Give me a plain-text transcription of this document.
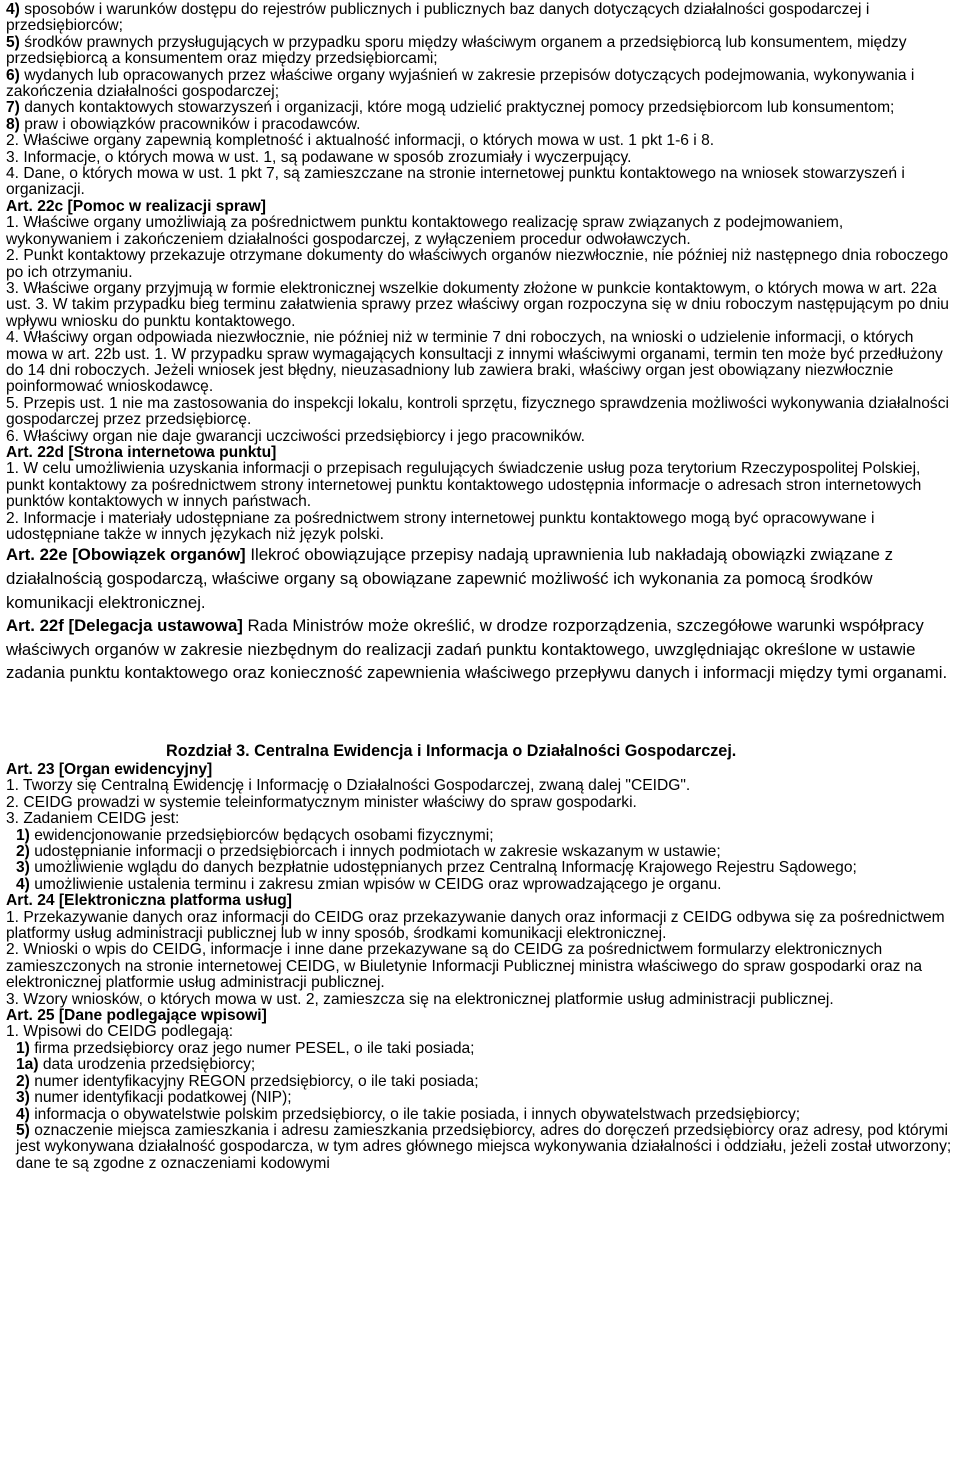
4) sposobów i warunków dostępu do rejestrów publicznych i publicznych baz danych dotyczących działalności gospodarczej i przedsiębiorców;

5) środków prawnych przysługujących w przypadku sporu między właściwym organem a przedsiębiorcą lub konsumentem, między przedsiębiorcą a konsumentem oraz między przedsiębiorcami;

6) wydanych lub opracowanych przez właściwe organy wyjaśnień w zakresie przepisów dotyczących podejmowania, wykonywania i zakończenia działalności gospodarczej;

7) danych kontaktowych stowarzyszeń i organizacji, które mogą udzielić praktycznej pomocy przedsiębiorcom lub konsumentom;

8) praw i obowiązków pracowników i pracodawców.

2. Właściwe organy zapewnią kompletność i aktualność informacji, o których mowa w ust. 1 pkt 1-6 i 8.

3. Informacje, o których mowa w ust. 1, są podawane w sposób zrozumiały i wyczerpujący.

4. Dane, o których mowa w ust. 1 pkt 7, są zamieszczane na stronie internetowej punktu kontaktowego na wniosek stowarzyszeń i organizacji.

Art. 22c [Pomoc w realizacji spraw]

1. Właściwe organy umożliwiają za pośrednictwem punktu kontaktowego realizację spraw związanych z podejmowaniem, wykonywaniem i zakończeniem działalności gospodarczej, z wyłączeniem procedur odwoławczych.

2. Punkt kontaktowy przekazuje otrzymane dokumenty do właściwych organów niezwłocznie, nie później niż następnego dnia roboczego po ich otrzymaniu.

3. Właściwe organy przyjmują w formie elektronicznej wszelkie dokumenty złożone w punkcie kontaktowym, o których mowa w art. 22a ust. 3. W takim przypadku bieg terminu załatwienia sprawy przez właściwy organ rozpoczyna się w dniu roboczym następującym po dniu wpływu wniosku do punktu kontaktowego.

4. Właściwy organ odpowiada niezwłocznie, nie później niż w terminie 7 dni roboczych, na wnioski o udzielenie informacji, o których mowa w art. 22b ust. 1. W przypadku spraw wymagających konsultacji z innymi właściwymi organami, termin ten może być przedłużony do 14 dni roboczych. Jeżeli wniosek jest błędny, nieuzasadniony lub zawiera braki, właściwy organ jest obowiązany niezwłocznie poinformować wnioskodawcę.

5. Przepis ust. 1 nie ma zastosowania do inspekcji lokalu, kontroli sprzętu, fizycznego sprawdzenia możliwości wykonywania działalności gospodarczej przez przedsiębiorcę.

6. Właściwy organ nie daje gwarancji uczciwości przedsiębiorcy i jego pracowników.

Art. 22d [Strona internetowa punktu]

1. W celu umożliwienia uzyskania informacji o przepisach regulujących świadczenie usług poza terytorium Rzeczypospolitej Polskiej, punkt kontaktowy za pośrednictwem strony internetowej punktu kontaktowego udostępnia informacje o adresach stron internetowych punktów kontaktowych w innych państwach.

2. Informacje i materiały udostępniane za pośrednictwem strony internetowej punktu kontaktowego mogą być opracowywane i udostępniane także w innych językach niż język polski.

Art. 22e [Obowiązek organów] Ilekroć obowiązujące przepisy nadają uprawnienia lub nakładają obowiązki związane z działalnością gospodarczą, właściwe organy są obowiązane zapewnić możliwość ich wykonania za pomocą środków komunikacji elektronicznej.

Art. 22f [Delegacja ustawowa] Rada Ministrów może określić, w drodze rozporządzenia, szczegółowe warunki współpracy właściwych organów w zakresie niezbędnym do realizacji zadań punktu kontaktowego, uwzględniając określone w ustawie zadania punktu kontaktowego oraz konieczność zapewnienia właściwego przepływu danych i informacji między tymi organami.

Rozdział 3. Centralna Ewidencja i Informacja o Działalności Gospodarczej.

Art. 23 [Organ ewidencyjny]

1. Tworzy się Centralną Ewidencję i Informację o Działalności Gospodarczej, zwaną dalej "CEIDG".

2. CEIDG prowadzi w systemie teleinformatycznym minister właściwy do spraw gospodarki.

3. Zadaniem CEIDG jest:

1) ewidencjonowanie przedsiębiorców będących osobami fizycznymi;

2) udostępnianie informacji o przedsiębiorcach i innych podmiotach w zakresie wskazanym w ustawie;

3) umożliwienie wglądu do danych bezpłatnie udostępnianych przez Centralną Informację Krajowego Rejestru Sądowego;

4) umożliwienie ustalenia terminu i zakresu zmian wpisów w CEIDG oraz wprowadzającego je organu.

Art. 24 [Elektroniczna platforma usług]

1. Przekazywanie danych oraz informacji do CEIDG oraz przekazywanie danych oraz informacji z CEIDG odbywa się za pośrednictwem platformy usług administracji publicznej lub w inny sposób, środkami komunikacji elektronicznej.

2. Wnioski o wpis do CEIDG, informacje i inne dane przekazywane są do CEIDG za pośrednictwem formularzy elektronicznych zamieszczonych na stronie internetowej CEIDG, w Biuletynie Informacji Publicznej ministra właściwego do spraw gospodarki oraz na elektronicznej platformie usług administracji publicznej.

3. Wzory wniosków, o których mowa w ust. 2, zamieszcza się na elektronicznej platformie usług administracji publicznej.

Art. 25 [Dane podlegające wpisowi]

1. Wpisowi do CEIDG podlegają:

1) firma przedsiębiorcy oraz jego numer PESEL, o ile taki posiada;

1a) data urodzenia przedsiębiorcy;

2) numer identyfikacyjny REGON przedsiębiorcy, o ile taki posiada;

3) numer identyfikacji podatkowej (NIP);

4) informacja o obywatelstwie polskim przedsiębiorcy, o ile takie posiada, i innych obywatelstwach przedsiębiorcy;

5) oznaczenie miejsca zamieszkania i adresu zamieszkania przedsiębiorcy, adres do doręczeń przedsiębiorcy oraz adresy, pod którymi jest wykonywana działalność gospodarcza, w tym adres głównego miejsca wykonywania działalności i oddziału, jeżeli został utworzony; dane te są zgodne z oznaczeniami kodowymi
